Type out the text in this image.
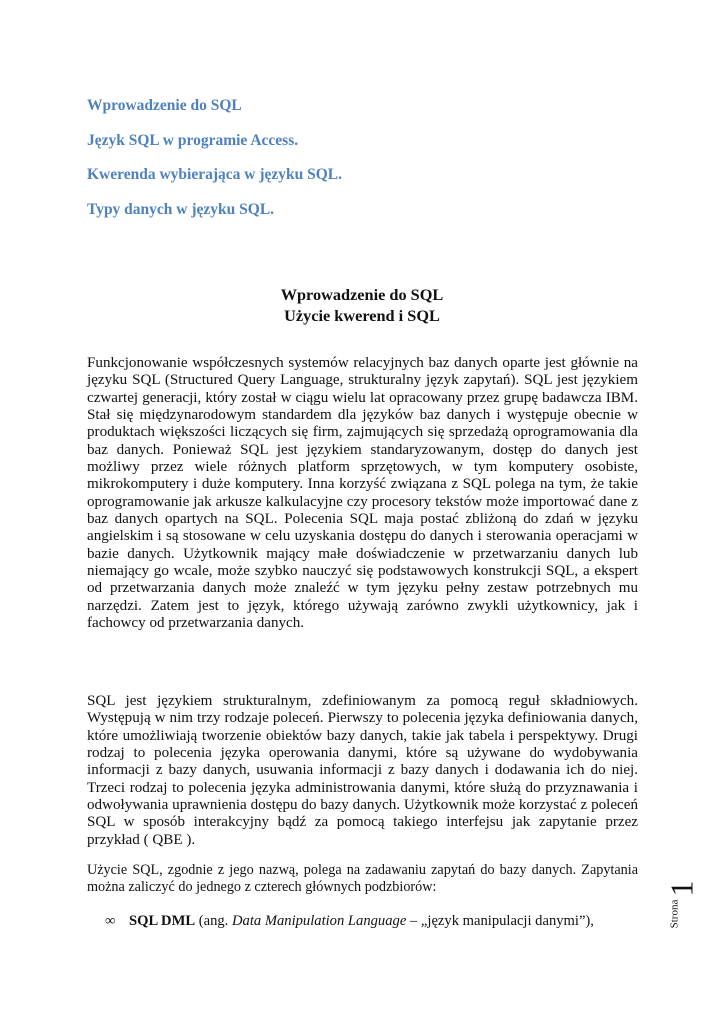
Wprowadzenie do SQL
Język SQL w programie Access.
Kwerenda wybierająca w języku SQL.
Typy danych w języku SQL.
Wprowadzenie do SQL
Użycie kwerend i SQL

Funkcjonowanie współczesnych systemów relacyjnych baz danych oparte jest głównie na języku SQL (Structured Query Language, strukturalny język zapytań). SQL jest językiem czwartej generacji, który został w ciągu wielu lat opracowany przez grupę badawcza IBM. Stał się międzynarodowym standardem dla języków baz danych i występuje obecnie w produktach większości liczących się firm, zajmujących się sprzedażą oprogramowania dla baz danych. Ponieważ SQL jest językiem standaryzowanym, dostęp do danych jest możliwy przez wiele różnych platform sprzętowych, w tym komputery osobiste, mikrokomputery i duże komputery. Inna korzyść związana z SQL polega na tym, że takie oprogramowanie jak arkusze kalkulacyjne czy procesory tekstów może importować dane z baz danych opartych na SQL. Polecenia SQL maja postać zbliżoną do zdań w języku angielskim i są stosowane w celu uzyskania dostępu do danych i sterowania operacjami w bazie danych. Użytkownik mający małe doświadczenie w przetwarzaniu danych lub niemający go wcale, może szybko nauczyć się podstawowych konstrukcji SQL, a ekspert od przetwarzania danych może znaleźć w tym języku pełny zestaw potrzebnych mu narzędzi. Zatem jest to język, którego używają zarówno zwykli użytkownicy, jak i fachowcy od przetwarzania danych.

SQL jest językiem strukturalnym, zdefiniowanym za pomocą reguł składniowych. Występują w nim trzy rodzaje poleceń. Pierwszy to polecenia języka definiowania danych, które umożliwiają tworzenie obiektów bazy danych, takie jak tabela i perspektywy. Drugi rodzaj to polecenia języka operowania danymi, które są używane do wydobywania informacji z bazy danych, usuwania informacji z bazy danych i dodawania ich do niej. Trzeci rodzaj to polecenia języka administrowania danymi, które służą do przyznawania i odwoływania uprawnienia dostępu do bazy danych. Użytkownik może korzystać z poleceń SQL w sposób interakcyjny bądź za pomocą takiego interfejsu jak zapytanie przez przykład ( QBE ).

Użycie SQL, zgodnie z jego nazwą, polega na zadawaniu zapytań do bazy danych. Zapytania można zaliczyć do jednego z czterech głównych podzbiorów:

∞ SQL DML (ang. Data Manipulation Language – „język manipulacji danymi”),	Strona
1
